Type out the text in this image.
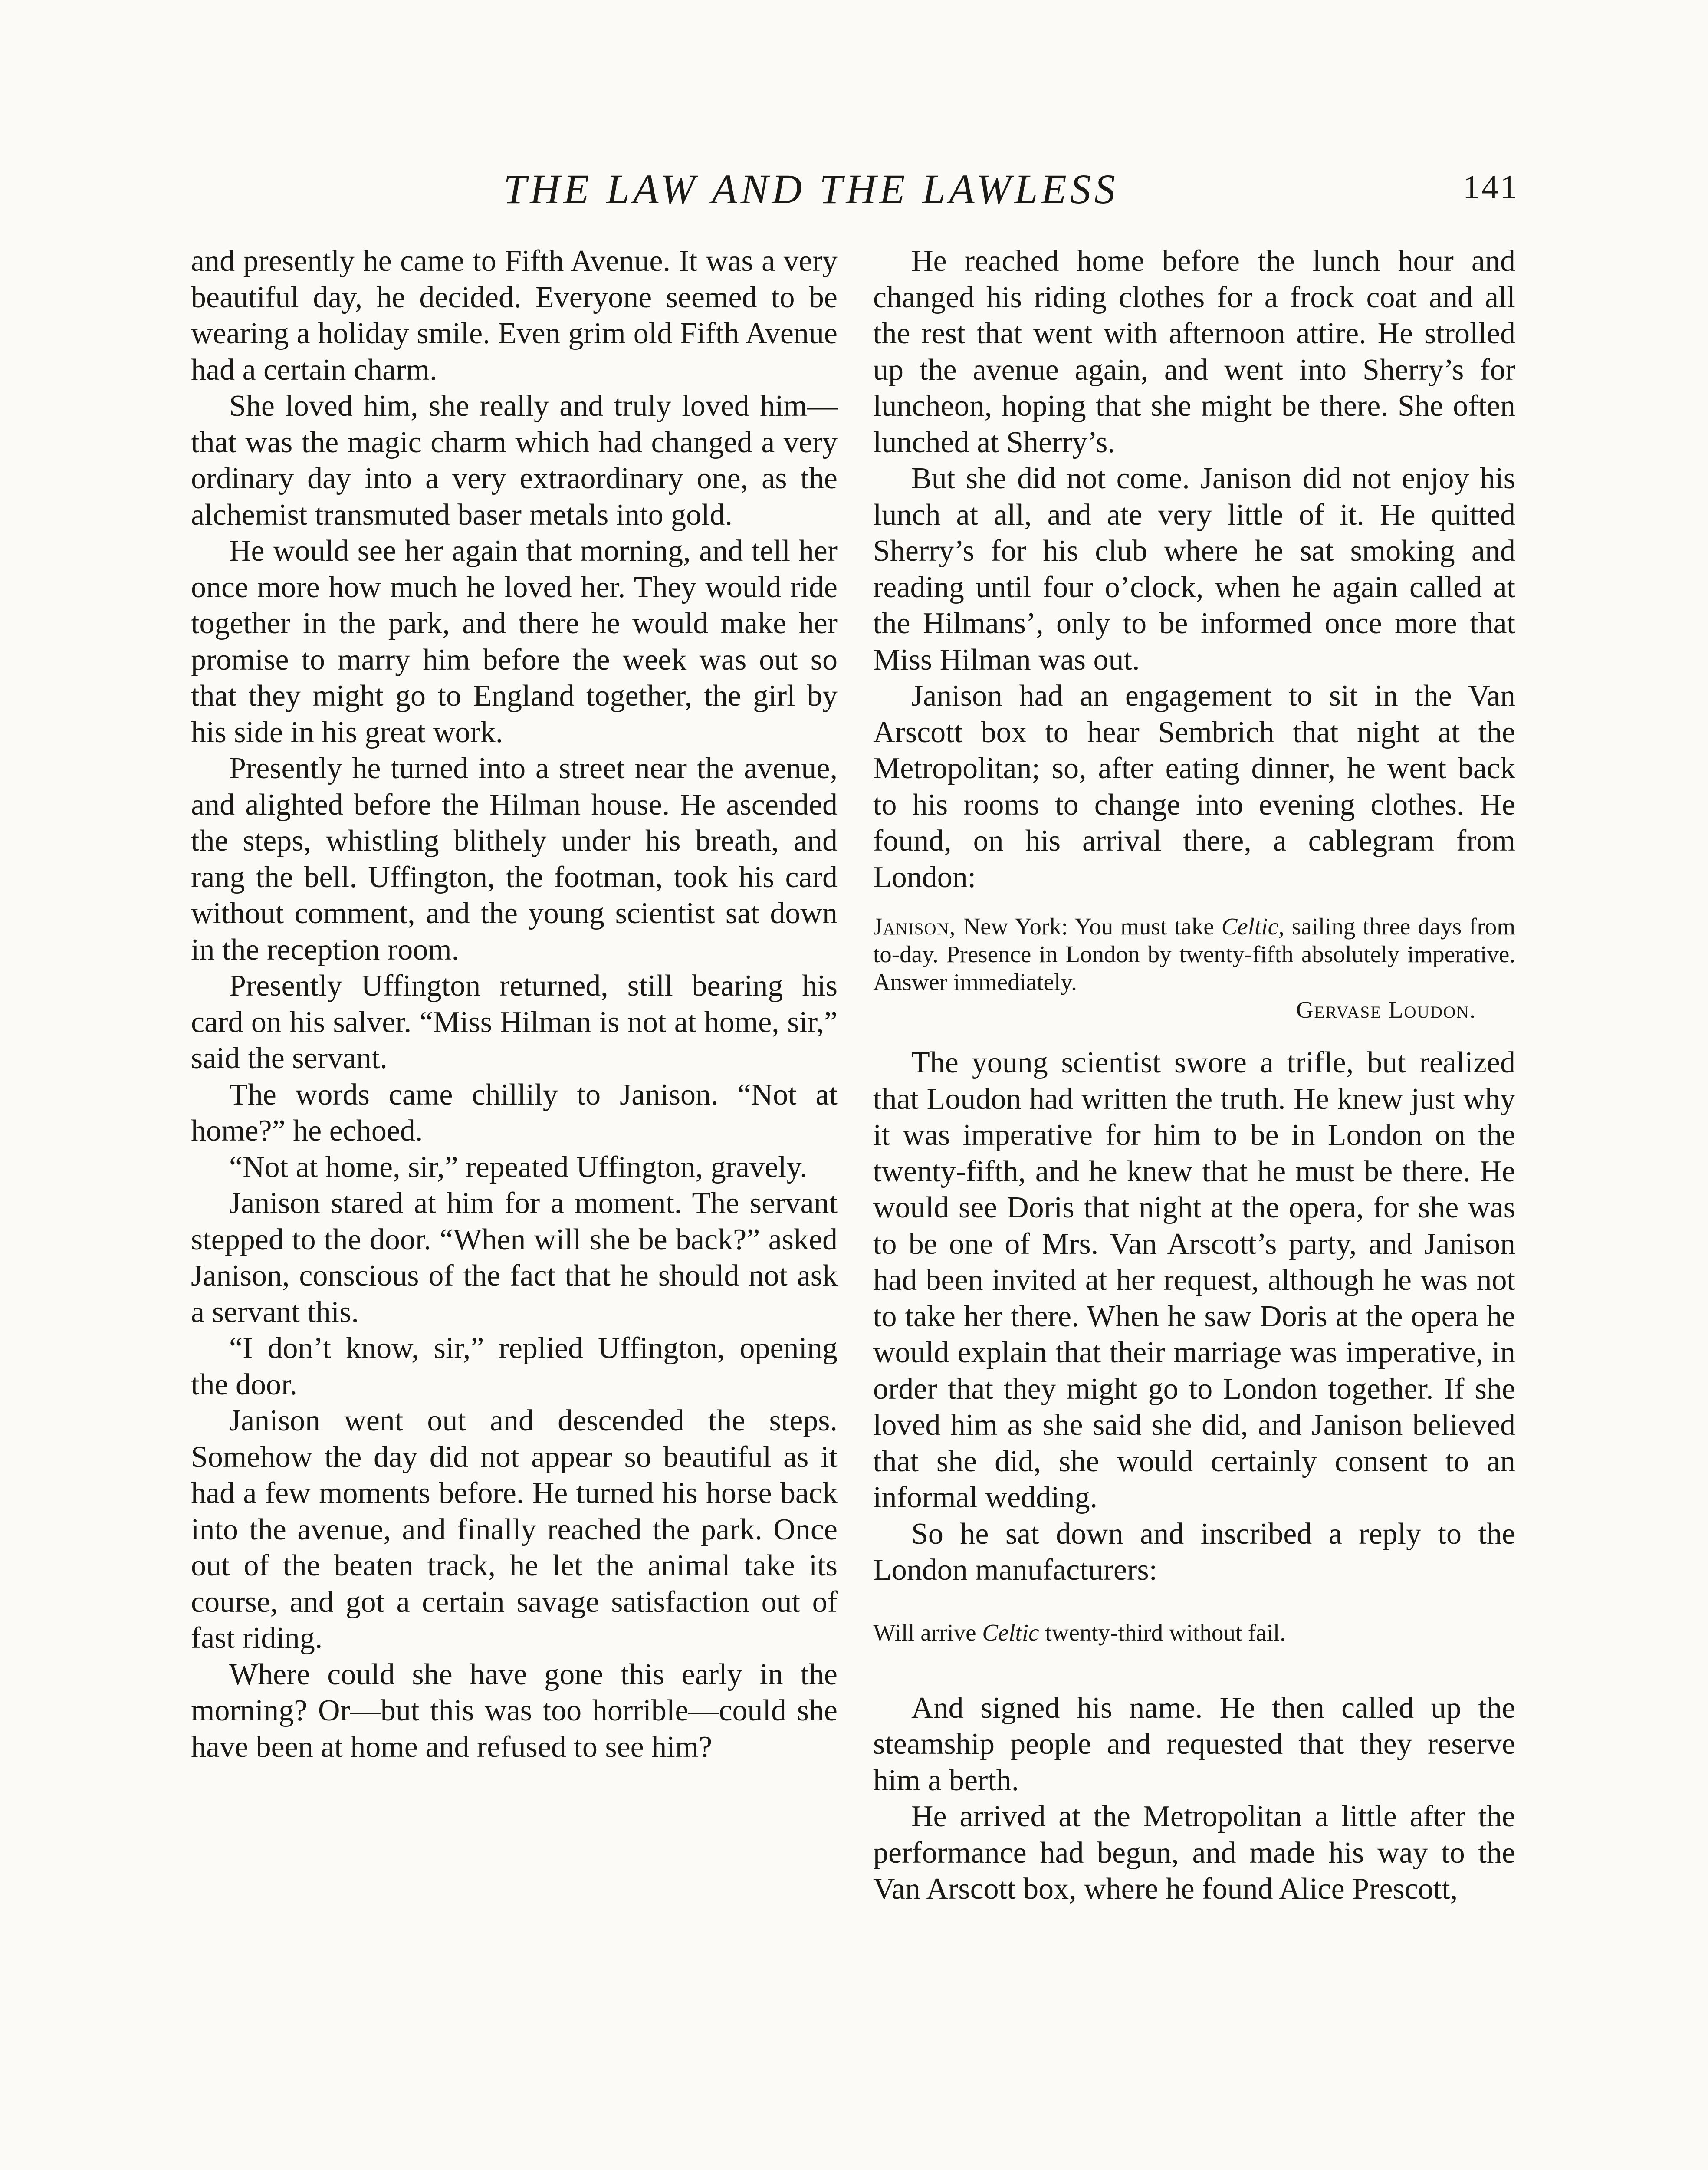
THE LAW AND THE LAWLESS	141

and presently he came to Fifth Avenue. It was a very beautiful day, he decided. Everyone seemed to be wearing a holiday smile. Even grim old Fifth Avenue had a certain charm.

She loved him, she really and truly loved him—that was the magic charm which had changed a very ordinary day into a very extraordinary one, as the alchemist transmuted baser metals into gold.

He would see her again that morning, and tell her once more how much he loved her. They would ride together in the park, and there he would make her promise to marry him before the week was out so that they might go to England together, the girl by his side in his great work.

Presently he turned into a street near the avenue, and alighted before the Hilman house. He ascended the steps, whistling blithely under his breath, and rang the bell. Uffington, the footman, took his card without comment, and the young scientist sat down in the reception room.

Presently Uffington returned, still bearing his card on his salver. “Miss Hilman is not at home, sir,” said the servant.

The words came chillily to Janison. “Not at home?” he echoed.

“Not at home, sir,” repeated Uffington, gravely.

Janison stared at him for a moment. The servant stepped to the door. “When will she be back?” asked Janison, conscious of the fact that he should not ask a servant this.

“I don’t know, sir,” replied Uffington, opening the door.

Janison went out and descended the steps. Somehow the day did not appear so beautiful as it had a few moments before. He turned his horse back into the avenue, and finally reached the park. Once out of the beaten track, he let the animal take its course, and got a certain savage satisfaction out of fast riding.

Where could she have gone this early in the morning? Or—but this was too horrible—could she have been at home and refused to see him?

He reached home before the lunch hour and changed his riding clothes for a frock coat and all the rest that went with afternoon attire. He strolled up the avenue again, and went into Sherry’s for luncheon, hoping that she might be there. She often lunched at Sherry’s.

But she did not come. Janison did not enjoy his lunch at all, and ate very little of it. He quitted Sherry’s for his club where he sat smoking and reading until four o’clock, when he again called at the Hilmans’, only to be informed once more that Miss Hilman was out.

Janison had an engagement to sit in the Van Arscott box to hear Sembrich that night at the Metropolitan; so, after eating dinner, he went back to his rooms to change into evening clothes. He found, on his arrival there, a cablegram from London:

Janison, New York: You must take Celtic, sailing three days from to-day. Presence in London by twenty-fifth absolutely imperative. Answer immediately.
Gervase Loudon.

The young scientist swore a trifle, but realized that Loudon had written the truth. He knew just why it was imperative for him to be in London on the twenty-fifth, and he knew that he must be there. He would see Doris that night at the opera, for she was to be one of Mrs. Van Arscott’s party, and Janison had been invited at her request, although he was not to take her there. When he saw Doris at the opera he would explain that their marriage was imperative, in order that they might go to London together. If she loved him as she said she did, and Janison believed that she did, she would certainly consent to an informal wedding.

So he sat down and inscribed a reply to the London manufacturers:

Will arrive Celtic twenty-third without fail.

And signed his name. He then called up the steamship people and requested that they reserve him a berth.

He arrived at the Metropolitan a little after the performance had begun, and made his way to the Van Arscott box, where he found Alice Prescott,
